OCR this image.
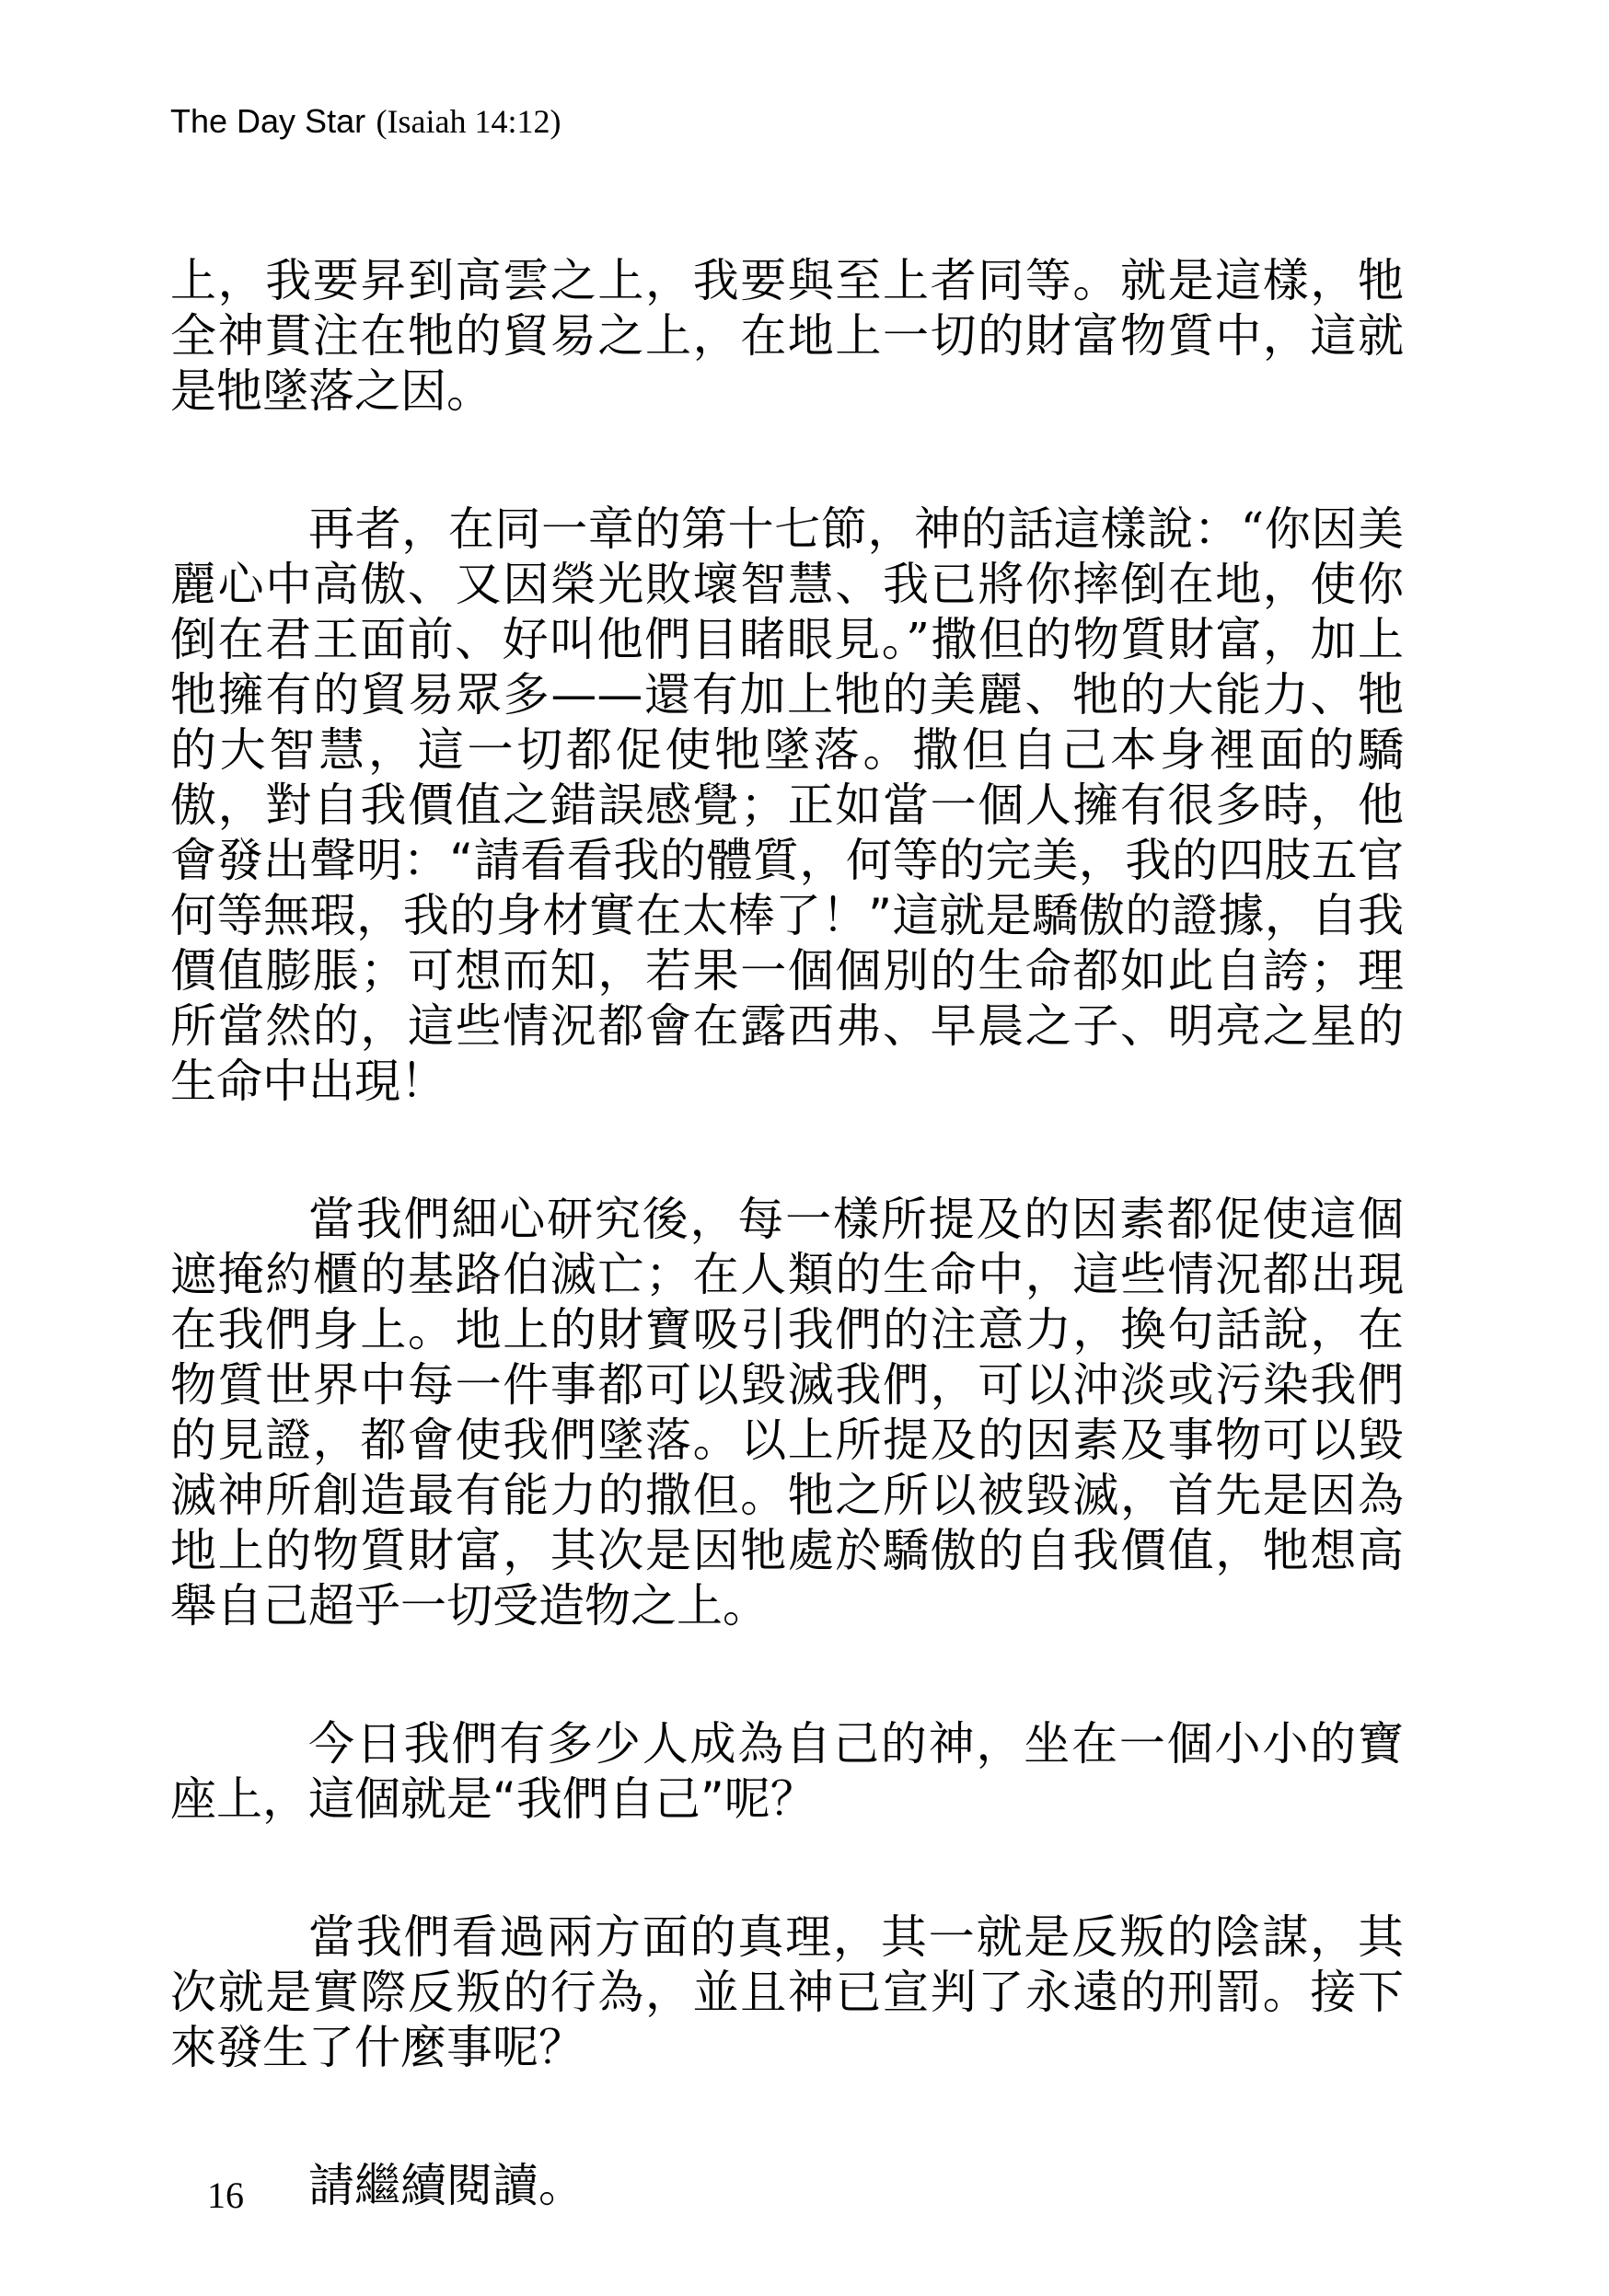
The Day Star (Isaiah 14:12)

上，我要昇到高雲之上，我要與至上者同等。就是這樣，牠全神貫注在牠的貿易之上，在地上一切的財富物質中，這就是牠墜落之因。

再者，在同一章的第十七節，神的話這樣說：“你因美麗心中高傲、又因榮光敗壞智慧、我已將你摔倒在地，使你倒在君王面前、好叫他們目睹眼見。”撒但的物質財富，加上牠擁有的貿易眾多——還有加上牠的美麗、牠的大能力、牠的大智慧，這一切都促使牠墜落。撒但自己本身裡面的驕傲，對自我價值之錯誤感覺；正如當一個人擁有很多時，他會發出聲明：“請看看我的體質，何等的完美，我的四肢五官何等無瑕，我的身材實在太棒了！”這就是驕傲的證據，自我價值膨脹；可想而知，若果一個個別的生命都如此自誇；理所當然的，這些情況都會在露西弗、早晨之子、明亮之星的生命中出現！

當我們細心研究後，每一樣所提及的因素都促使這個遮掩約櫃的基路伯滅亡；在人類的生命中，這些情況都出現在我們身上。地上的財寶吸引我們的注意力，換句話說，在物質世界中每一件事都可以毀滅我們，可以沖淡或污染我們的見證，都會使我們墜落。以上所提及的因素及事物可以毀滅神所創造最有能力的撒但。牠之所以被毀滅，首先是因為地上的物質財富，其次是因牠處於驕傲的自我價值，牠想高舉自己超乎一切受造物之上。

今日我們有多少人成為自己的神，坐在一個小小的寶座上，這個就是“我們自己”呢？

當我們看過兩方面的真理，其一就是反叛的陰謀，其次就是實際反叛的行為，並且神已宣判了永遠的刑罰。接下來發生了什麼事呢？

請繼續閱讀。

16
